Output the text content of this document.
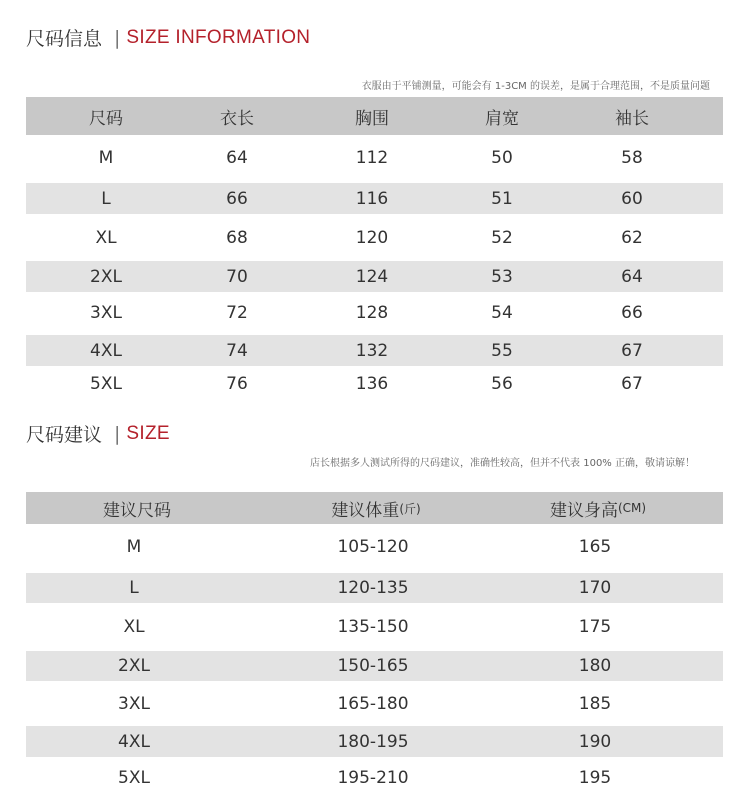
尺码信息 | SIZE INFORMATION
衣服由于平铺测量，可能会有 1-3CM 的误差，是属于合理范围，不是质量问题
尺码	衣长	胸围	肩宽	袖长
M	64	112	50	58
L	66	116	51	60
XL	68	120	52	62
2XL	70	124	53	64
3XL	72	128	54	66
4XL	74	132	55	67
5XL	76	136	56	67
尺码建议 | SIZE
店长根据多人测试所得的尺码建议，准确性较高，但并不代表 100% 正确，敬请谅解！
建议尺码	建议体重 (斤)	建议身高 (CM)
M	105-120	165
L	120-135	170
XL	135-150	175
2XL	150-165	180
3XL	165-180	185
4XL	180-195	190
5XL	195-210	195
